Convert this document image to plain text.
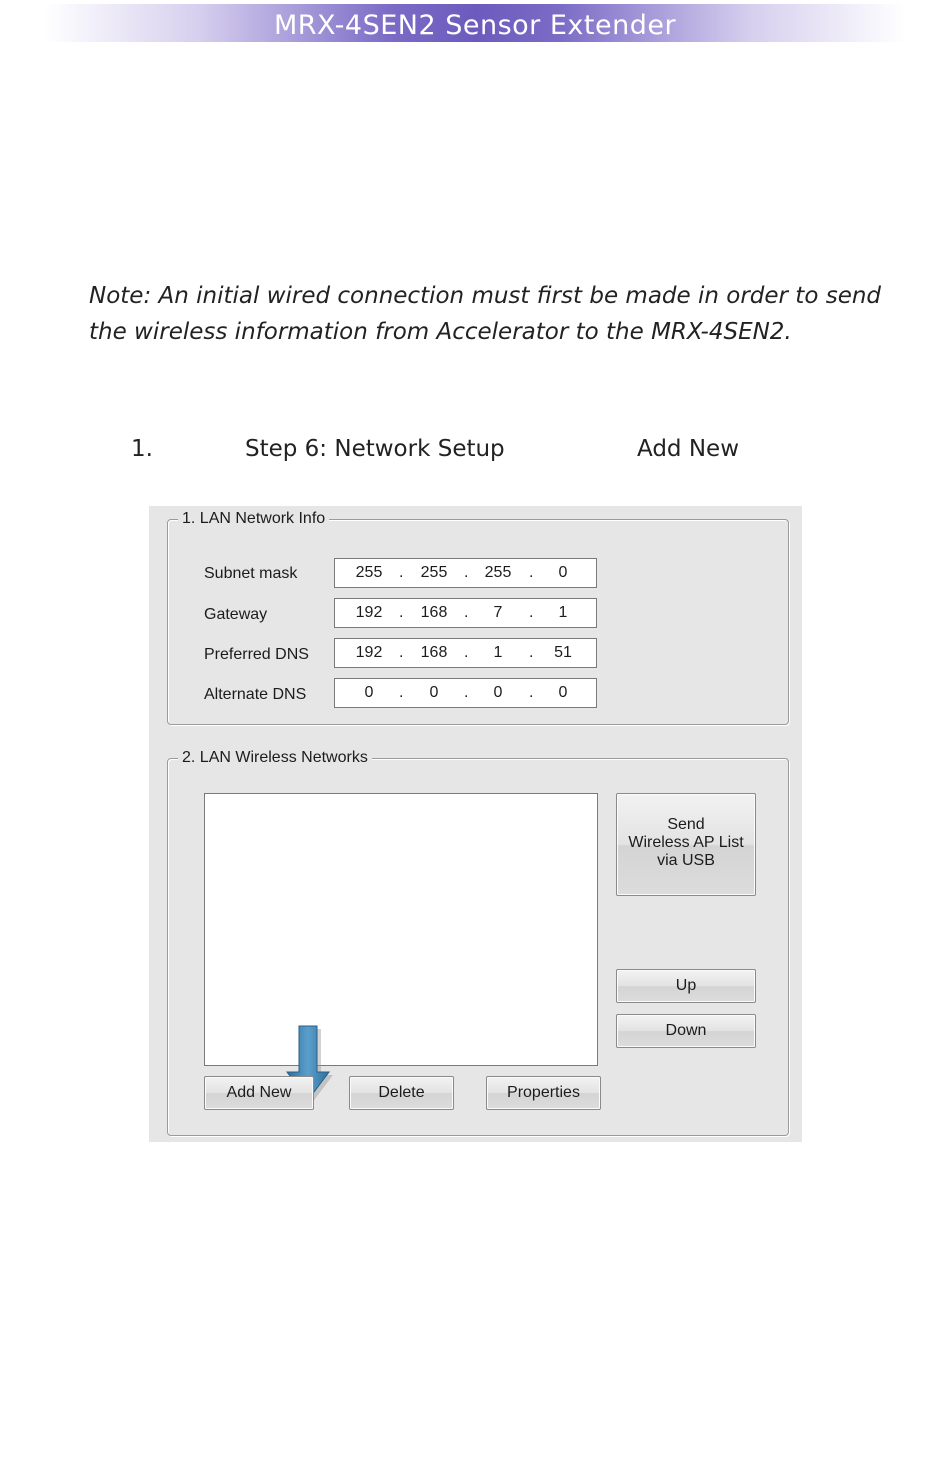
MRX-4SEN2 Sensor Extender
Note: An initial wired connection must first be made in order to send
the wireless information from Accelerator to the MRX-4SEN2.
1.	Step 6: Network Setup	Add New
1. LAN Network Info
Subnet mask	255	.	255	.	255	.	0
Gateway	192	.	168	.	7	.	1
Preferred DNS	192	.	168	.	1	.	51
Alternate DNS	0	.	0	.	0	.	0
2. LAN Wireless Networks
Send
Wireless AP List
via USB
Up
Down
Add New	Delete	Properties
